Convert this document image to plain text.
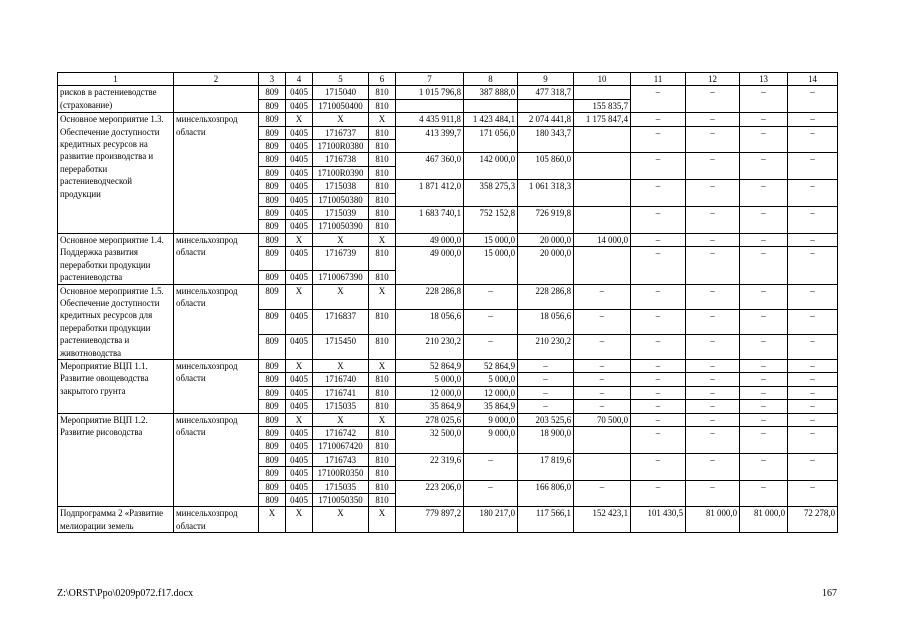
1	2	3	4	5	6	7	8	9	10	11	12	13	14
рисков в растениеводстве (страхование)		809	0405	1715040	810	1 015 796,8	387 888,0	477 318,7		–	–	–	–
		809	0405	1710050400	810				155 835,7				
Основное мероприятие 1.3. Обеспечение доступности кредитных ресурсов на развитие производства и переработки растениеводческой продукции	минсельхозпрод области	809	X	X	X	4 435 911,8	1 423 484,1	2 074 441,8	1 175 847,4	–	–	–	–
		809	0405	1716737	810	413 399,7	171 056,0	180 343,7		–	–	–	–
		809	0405	17100R0380	810								
		809	0405	1716738	810	467 360,0	142 000,0	105 860,0		–	–	–	–
		809	0405	17100R0390	810								
		809	0405	1715038	810	1 871 412,0	358 275,3	1 061 318,3		–	–	–	–
		809	0405	1710050380	810								
		809	0405	1715039	810	1 683 740,1	752 152,8	726 919,8		–	–	–	–
		809	0405	1710050390	810								
Основное мероприятие 1.4. Поддержка развития переработки продукции растениеводства	минсельхозпрод области	809	X	X	X	49 000,0	15 000,0	20 000,0	14 000,0	–	–	–	–
		809	0405	1716739	810	49 000,0	15 000,0	20 000,0		–	–	–	–
		809	0405	1710067390	810								
Основное мероприятие 1.5. Обеспечение доступности кредитных ресурсов для переработки продукции растениеводства и животноводства	минсельхозпрод области	809	X	X	X	228 286,8	–	228 286,8	–	–	–	–	–
		809	0405	1716837	810	18 056,6	–	18 056,6	–	–	–	–	–
		809	0405	1715450	810	210 230,2	–	210 230,2	–	–	–	–	–
Мероприятие ВЦП 1.1. Развитие овощеводства закрытого грунта	минсельхозпрод области	809	X	X	X	52 864,9	52 864,9	–	–	–	–	–	–
		809	0405	1716740	810	5 000,0	5 000,0	–	–	–	–	–	–
		809	0405	1716741	810	12 000,0	12 000,0	–	–	–	–	–	–
		809	0405	1715035	810	35 864,9	35 864,9	–	–	–	–	–	–
Мероприятие ВЦП 1.2. Развитие рисоводства	минсельхозпрод области	809	X	X	X	278 025,6	9 000,0	203 525,6	70 500,0	–	–	–	–
		809	0405	1716742	810	32 500,0	9 000,0	18 900,0		–	–	–	–
		809	0405	1710067420	810								
		809	0405	1716743	810	22 319,6	–	17 819,6		–	–	–	–
		809	0405	17100R0350	810								
		809	0405	1715035	810	223 206,0	–	166 806,0	–	–	–	–	–
		809	0405	1710050350	810								
Подпрограмма 2 «Развитие мелиорации земель	минсельхозпрод области	X	X	X	X	779 897,2	180 217,0	117 566,1	152 423,1	101 430,5	81 000,0	81 000,0	72 278,0
Z:\ORST\Ppo\0209p072.f17.docx	167
